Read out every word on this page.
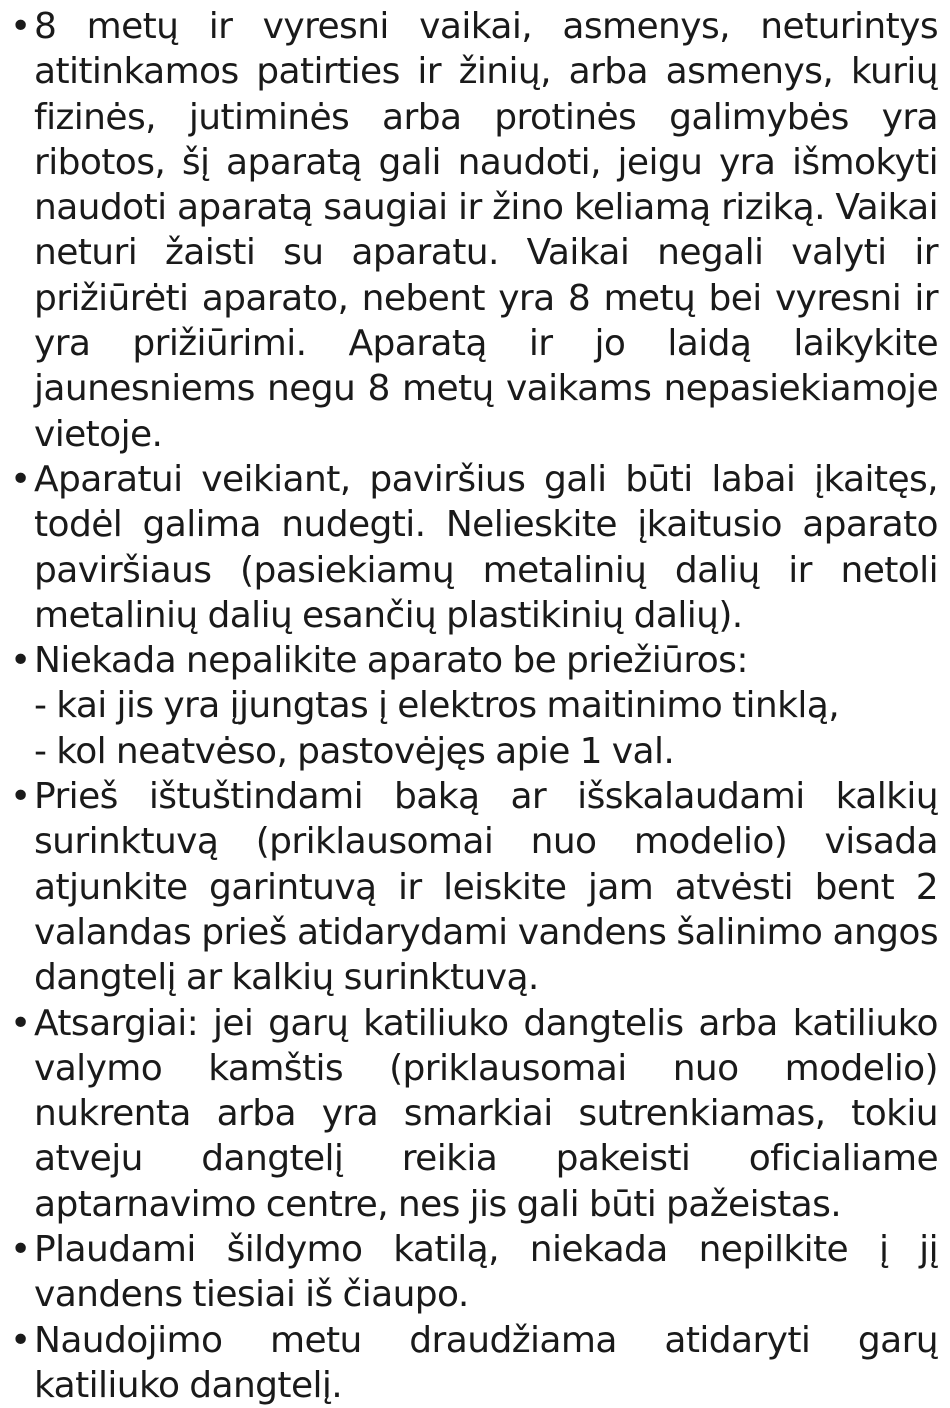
• 8 metų ir vyresni vaikai, asmenys, neturintys atitinkamos patirties ir žinių, arba asmenys, kurių fizinės, jutiminės arba protinės galimybės yra ribotos, šį aparatą gali naudoti, jeigu yra išmokyti naudoti aparatą saugiai ir žino keliamą riziką. Vaikai neturi žaisti su aparatu. Vaikai negali valyti ir prižiūrėti aparato, nebent yra 8 metų bei vyresni ir yra prižiūrimi. Aparatą ir jo laidą laikykite jaunesniems negu 8 metų vaikams nepasiekiamoje vietoje.
• Aparatui veikiant, paviršius gali būti labai įkaitęs, todėl galima nudegti. Nelieskite įkaitusio aparato paviršiaus (pasiekiamų metalinių dalių ir netoli metalinių dalių esančių plastikinių dalių).
• Niekada nepalikite aparato be priežiūros:
- kai jis yra įjungtas į elektros maitinimo tinklą,
- kol neatvėso, pastovėjęs apie 1 val.
• Prieš ištuštindami baką ar išskalaudami kalkių surinktuvą (priklausomai nuo modelio) visada atjunkite garintuvą ir leiskite jam atvėsti bent 2 valandas prieš atidarydami vandens šalinimo angos dangtelį ar kalkių surinktuvą.
• Atsargiai: jei garų katiliuko dangtelis arba katiliuko valymo kamštis (priklausomai nuo modelio) nukrenta arba yra smarkiai sutrenkiamas, tokiu atveju dangtelį reikia pakeisti oficialiame aptarnavimo centre, nes jis gali būti pažeistas.
• Plaudami šildymo katilą, niekada nepilkite į jį vandens tiesiai iš čiaupo.
• Naudojimo metu draudžiama atidaryti garų katiliuko dangtelį.
